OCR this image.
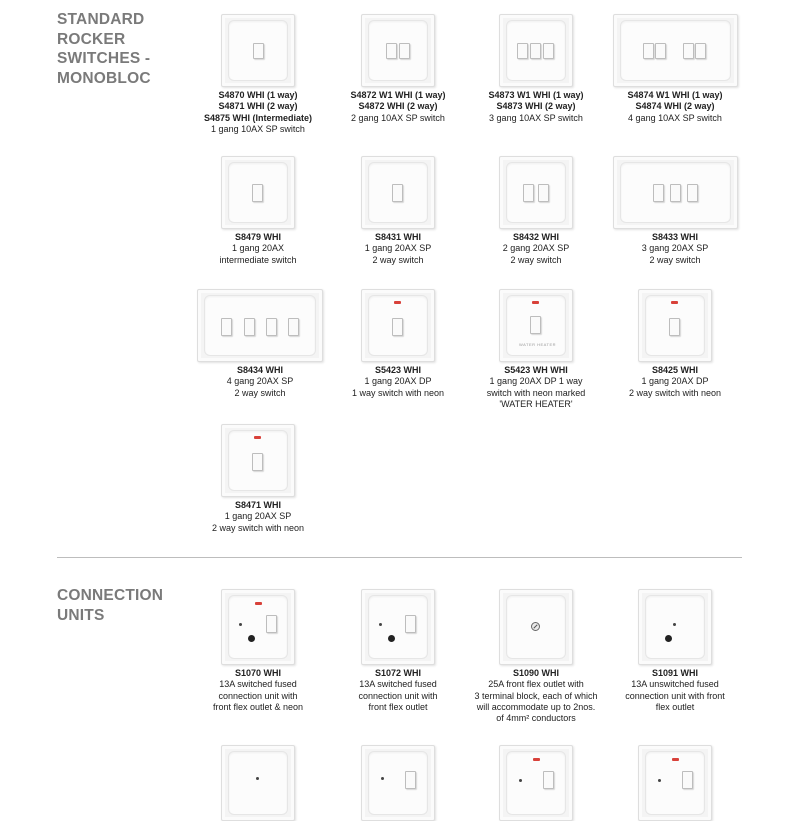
STANDARD
ROCKER
SWITCHES -
MONOBLOC
CONNECTION
UNITS
S4870 WHI (1 way)
S4871 WHI (2 way)
S4875 WHI (Intermediate)
1 gang 10AX SP switch
S4872 W1 WHI (1 way)
S4872 WHI (2 way)
2 gang 10AX SP switch
S4873 W1 WHI (1 way)
S4873 WHI (2 way)
3 gang 10AX SP switch
S4874 W1 WHI (1 way)
S4874 WHI (2 way)
4 gang 10AX SP switch
S8479 WHI
1 gang 20AX
intermediate switch
S8431 WHI
1 gang 20AX SP
2 way switch
S8432 WHI
2 gang 20AX SP
2 way switch
S8433 WHI
3 gang 20AX SP
2 way switch
S8434 WHI
4 gang 20AX SP
2 way switch
S5423 WHI
1 gang 20AX DP
1 way switch with neon
WATER HEATER
S5423 WH WHI
1 gang 20AX DP 1 way
switch with neon marked
'WATER HEATER'
S8425 WHI
1 gang 20AX DP
2 way switch with neon
S8471 WHI
1 gang 20AX SP
2 way switch with neon
S1070 WHI
13A switched fused
connection unit with
front flex outlet & neon
S1072 WHI
13A switched fused
connection unit with
front flex outlet
S1090 WHI
25A front flex outlet with
3 terminal block, each of which
will accommodate up to 2nos.
of 4mm² conductors
S1091 WHI
13A unswitched fused
connection unit with front
flex outlet
